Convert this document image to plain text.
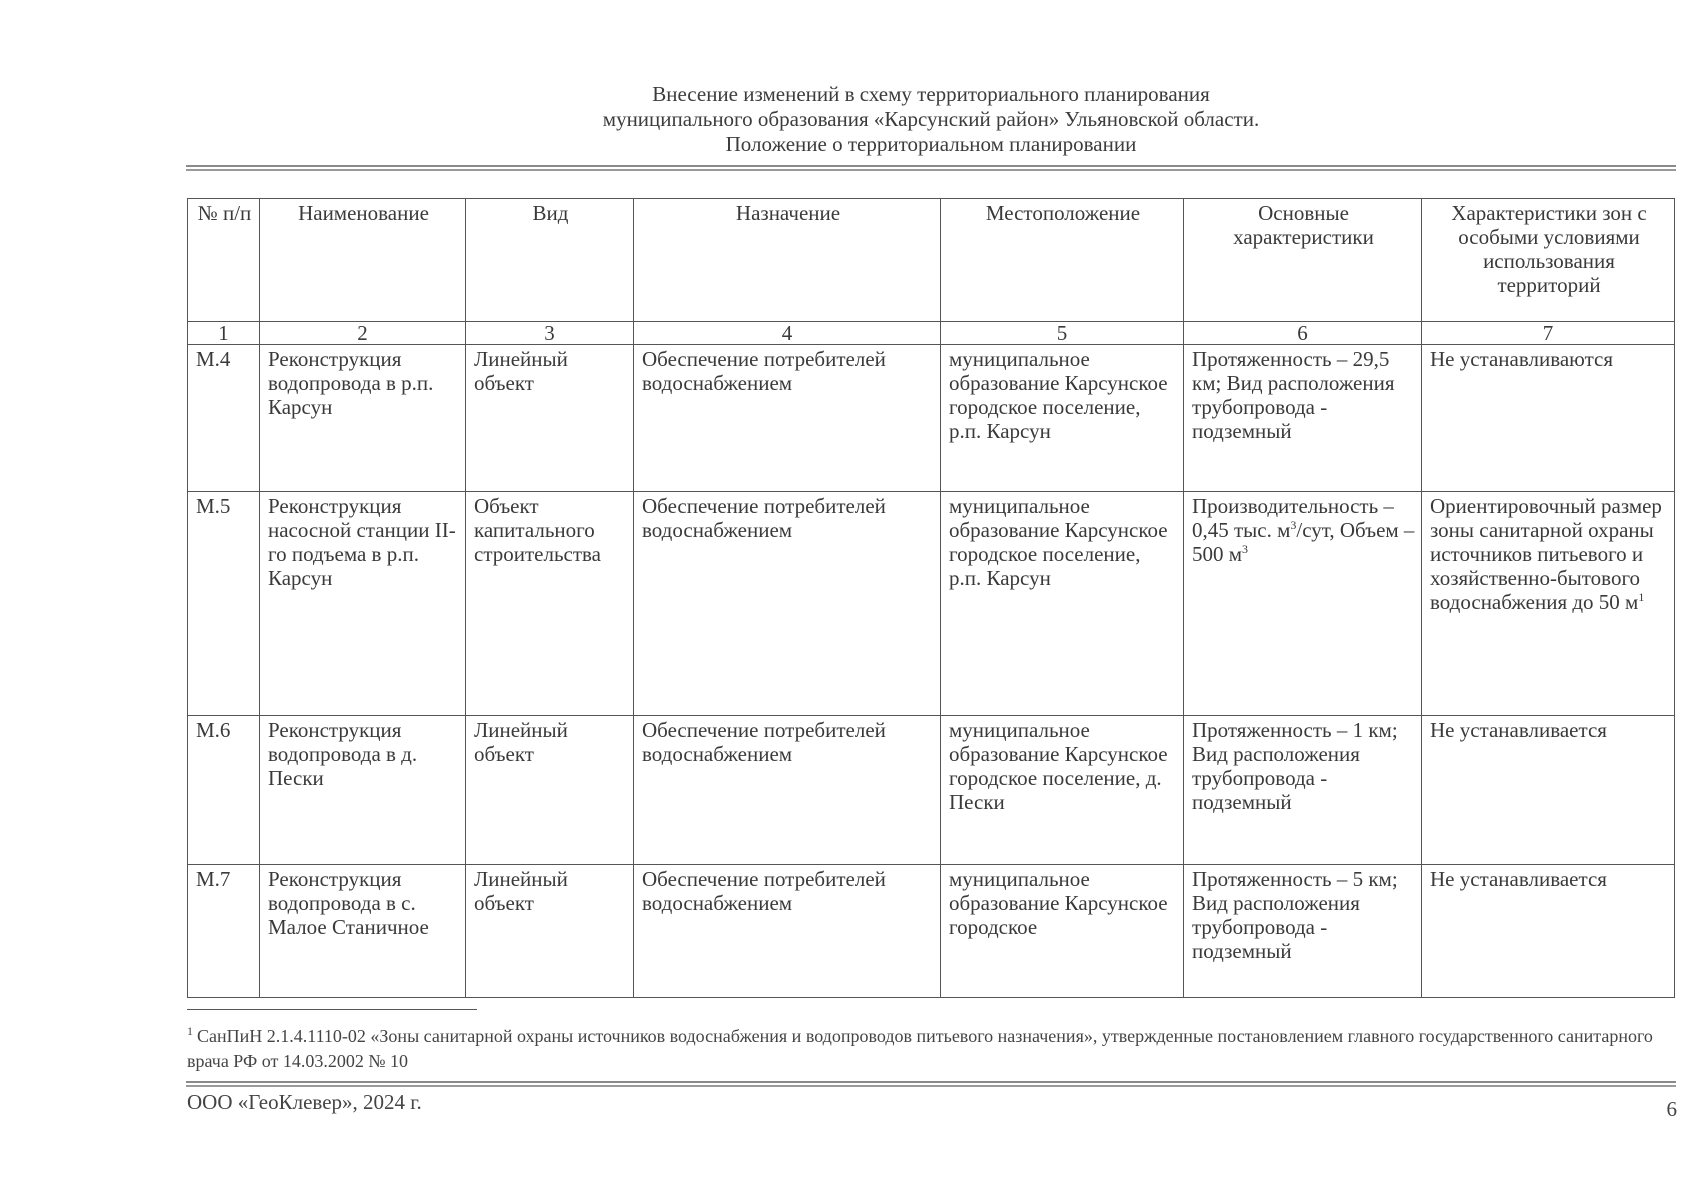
Внесение изменений в схему территориального планирования
муниципального образования «Карсунский район» Ульяновской области.
Положение о территориальном планировании
№ п/п	Наименование	Вид	Назначение	Местоположение	Основные характеристики	Характеристики зон с особыми условиями использования территорий
1	2	3	4	5	6	7
М.4	Реконструкция водопровода в р.п. Карсун	Линейный объект	Обеспечение потребителей водоснабжением	муниципальное образование Карсунское городское поселение, р.п. Карсун	Протяженность – 29,5 км; Вид расположения трубопровода - подземный	Не устанавливаются
М.5	Реконструкция насосной станции II-го подъема в р.п. Карсун	Объект капитального строительства	Обеспечение потребителей водоснабжением	муниципальное образование Карсунское городское поселение, р.п. Карсун	Производительность – 0,45 тыс. $м^3$/сут, Объем – 500 $м^3$	Ориентировочный размер зоны санитарной охраны источников питьевого и хозяйственно-бытового водоснабжения до 50 $м^1$
М.6	Реконструкция водопровода в д. Пески	Линейный объект	Обеспечение потребителей водоснабжением	муниципальное образование Карсунское городское поселение, д. Пески	Протяженность – 1 км; Вид расположения трубопровода - подземный	Не устанавливается
М.7	Реконструкция водопровода в с. Малое Станичное	Линейный объект	Обеспечение потребителей водоснабжением	муниципальное образование Карсунское городское	Протяженность – 5 км; Вид расположения трубопровода - подземный	Не устанавливается
$^1$ СанПиН 2.1.4.1110-02 «Зоны санитарной охраны источников водоснабжения и водопроводов питьевого назначения», утвержденные постановлением главного государственного санитарного врача РФ от 14.03.2002 № 10
ООО «ГеоКлевер», 2024 г.	6
